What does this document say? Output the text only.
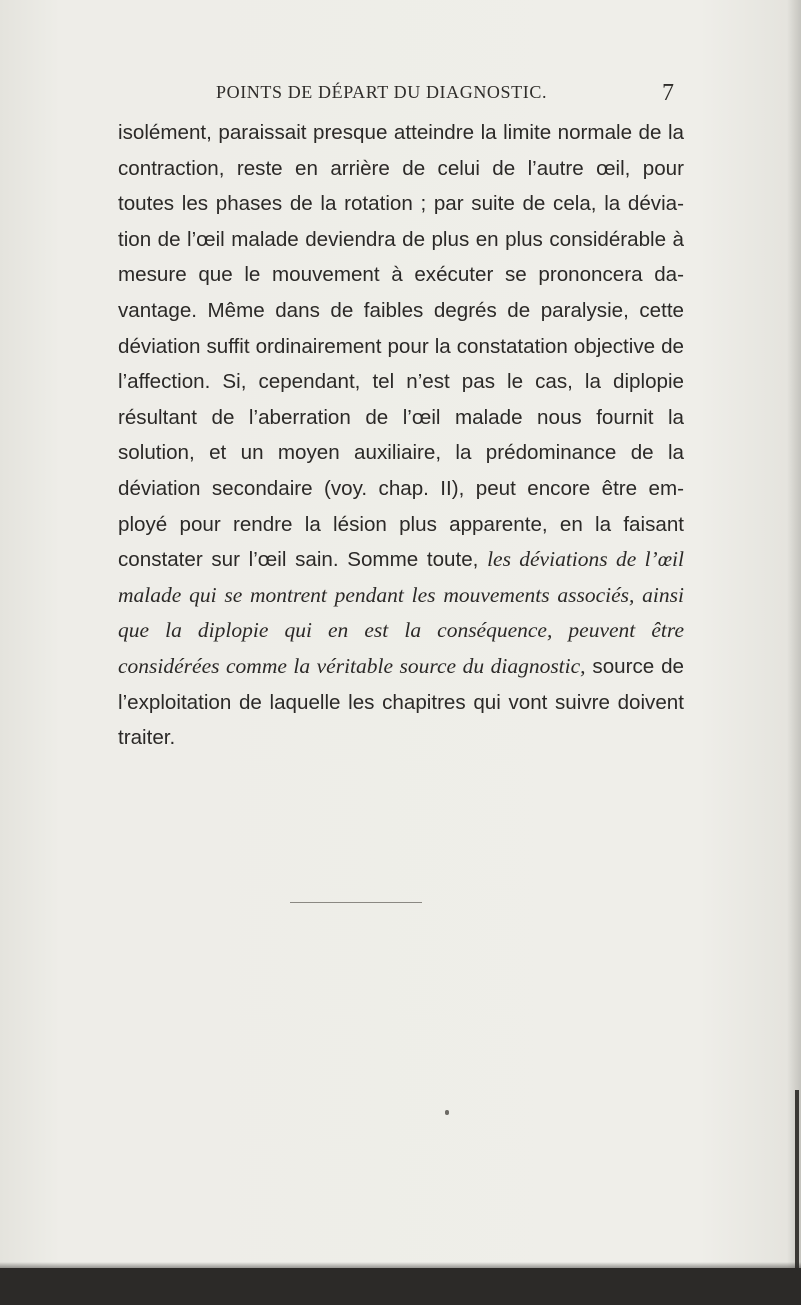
POINTS DE DÉPART DU DIAGNOSTIC.	7
isolément, paraissait presque atteindre la limite normale de la contraction, reste en arrière de celui de l’autre œil, pour toutes les phases de la rotation ; par suite de cela, la dévia-tion de l’œil malade deviendra de plus en plus considérable à mesure que le mouvement à exécuter se prononcera da-vantage. Même dans de faibles degrés de paralysie, cette déviation suffit ordinairement pour la constatation objective de l’affection. Si, cependant, tel n’est pas le cas, la diplopie résultant de l’aberration de l’œil malade nous fournit la solution, et un moyen auxiliaire, la prédominance de la déviation secondaire (voy. chap. II), peut encore être em-ployé pour rendre la lésion plus apparente, en la faisant constater sur l’œil sain. Somme toute, les déviations de l’œil malade qui se montrent pendant les mouvements associés, ainsi que la diplopie qui en est la conséquence, peuvent être considérées comme la véritable source du diagnostic, source de l’exploitation de laquelle les chapitres qui vont suivre doivent traiter.
